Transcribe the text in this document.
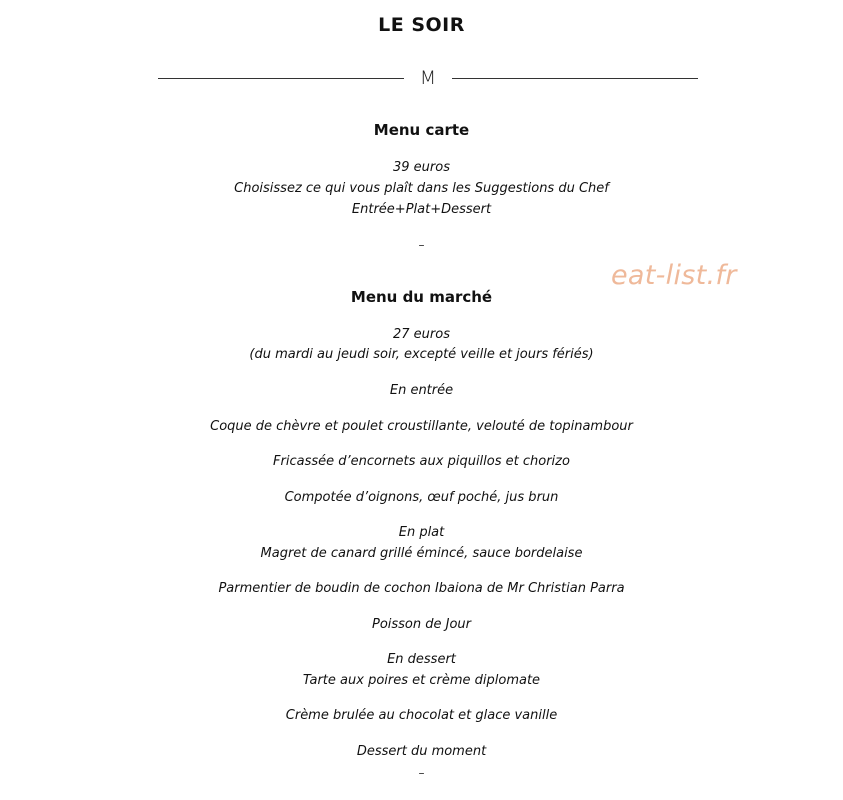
LE SOIR
M
Menu carte
39 euros
Choisissez ce qui vous plaît dans les Suggestions du Chef
Entrée+Plat+Dessert
–
eat-list.fr
Menu du marché
27 euros
(du mardi au jeudi soir, excepté veille et jours fériés)
En entrée
Coque de chèvre et poulet croustillante, velouté de topinambour
Fricassée d’encornets aux piquillos et chorizo
Compotée d’oignons, œuf poché, jus brun
En plat
Magret de canard grillé émincé, sauce bordelaise
Parmentier de boudin de cochon Ibaiona de Mr Christian Parra
Poisson de Jour
En dessert
Tarte aux poires et crème diplomate
Crème brulée au chocolat et glace vanille
Dessert du moment
–
